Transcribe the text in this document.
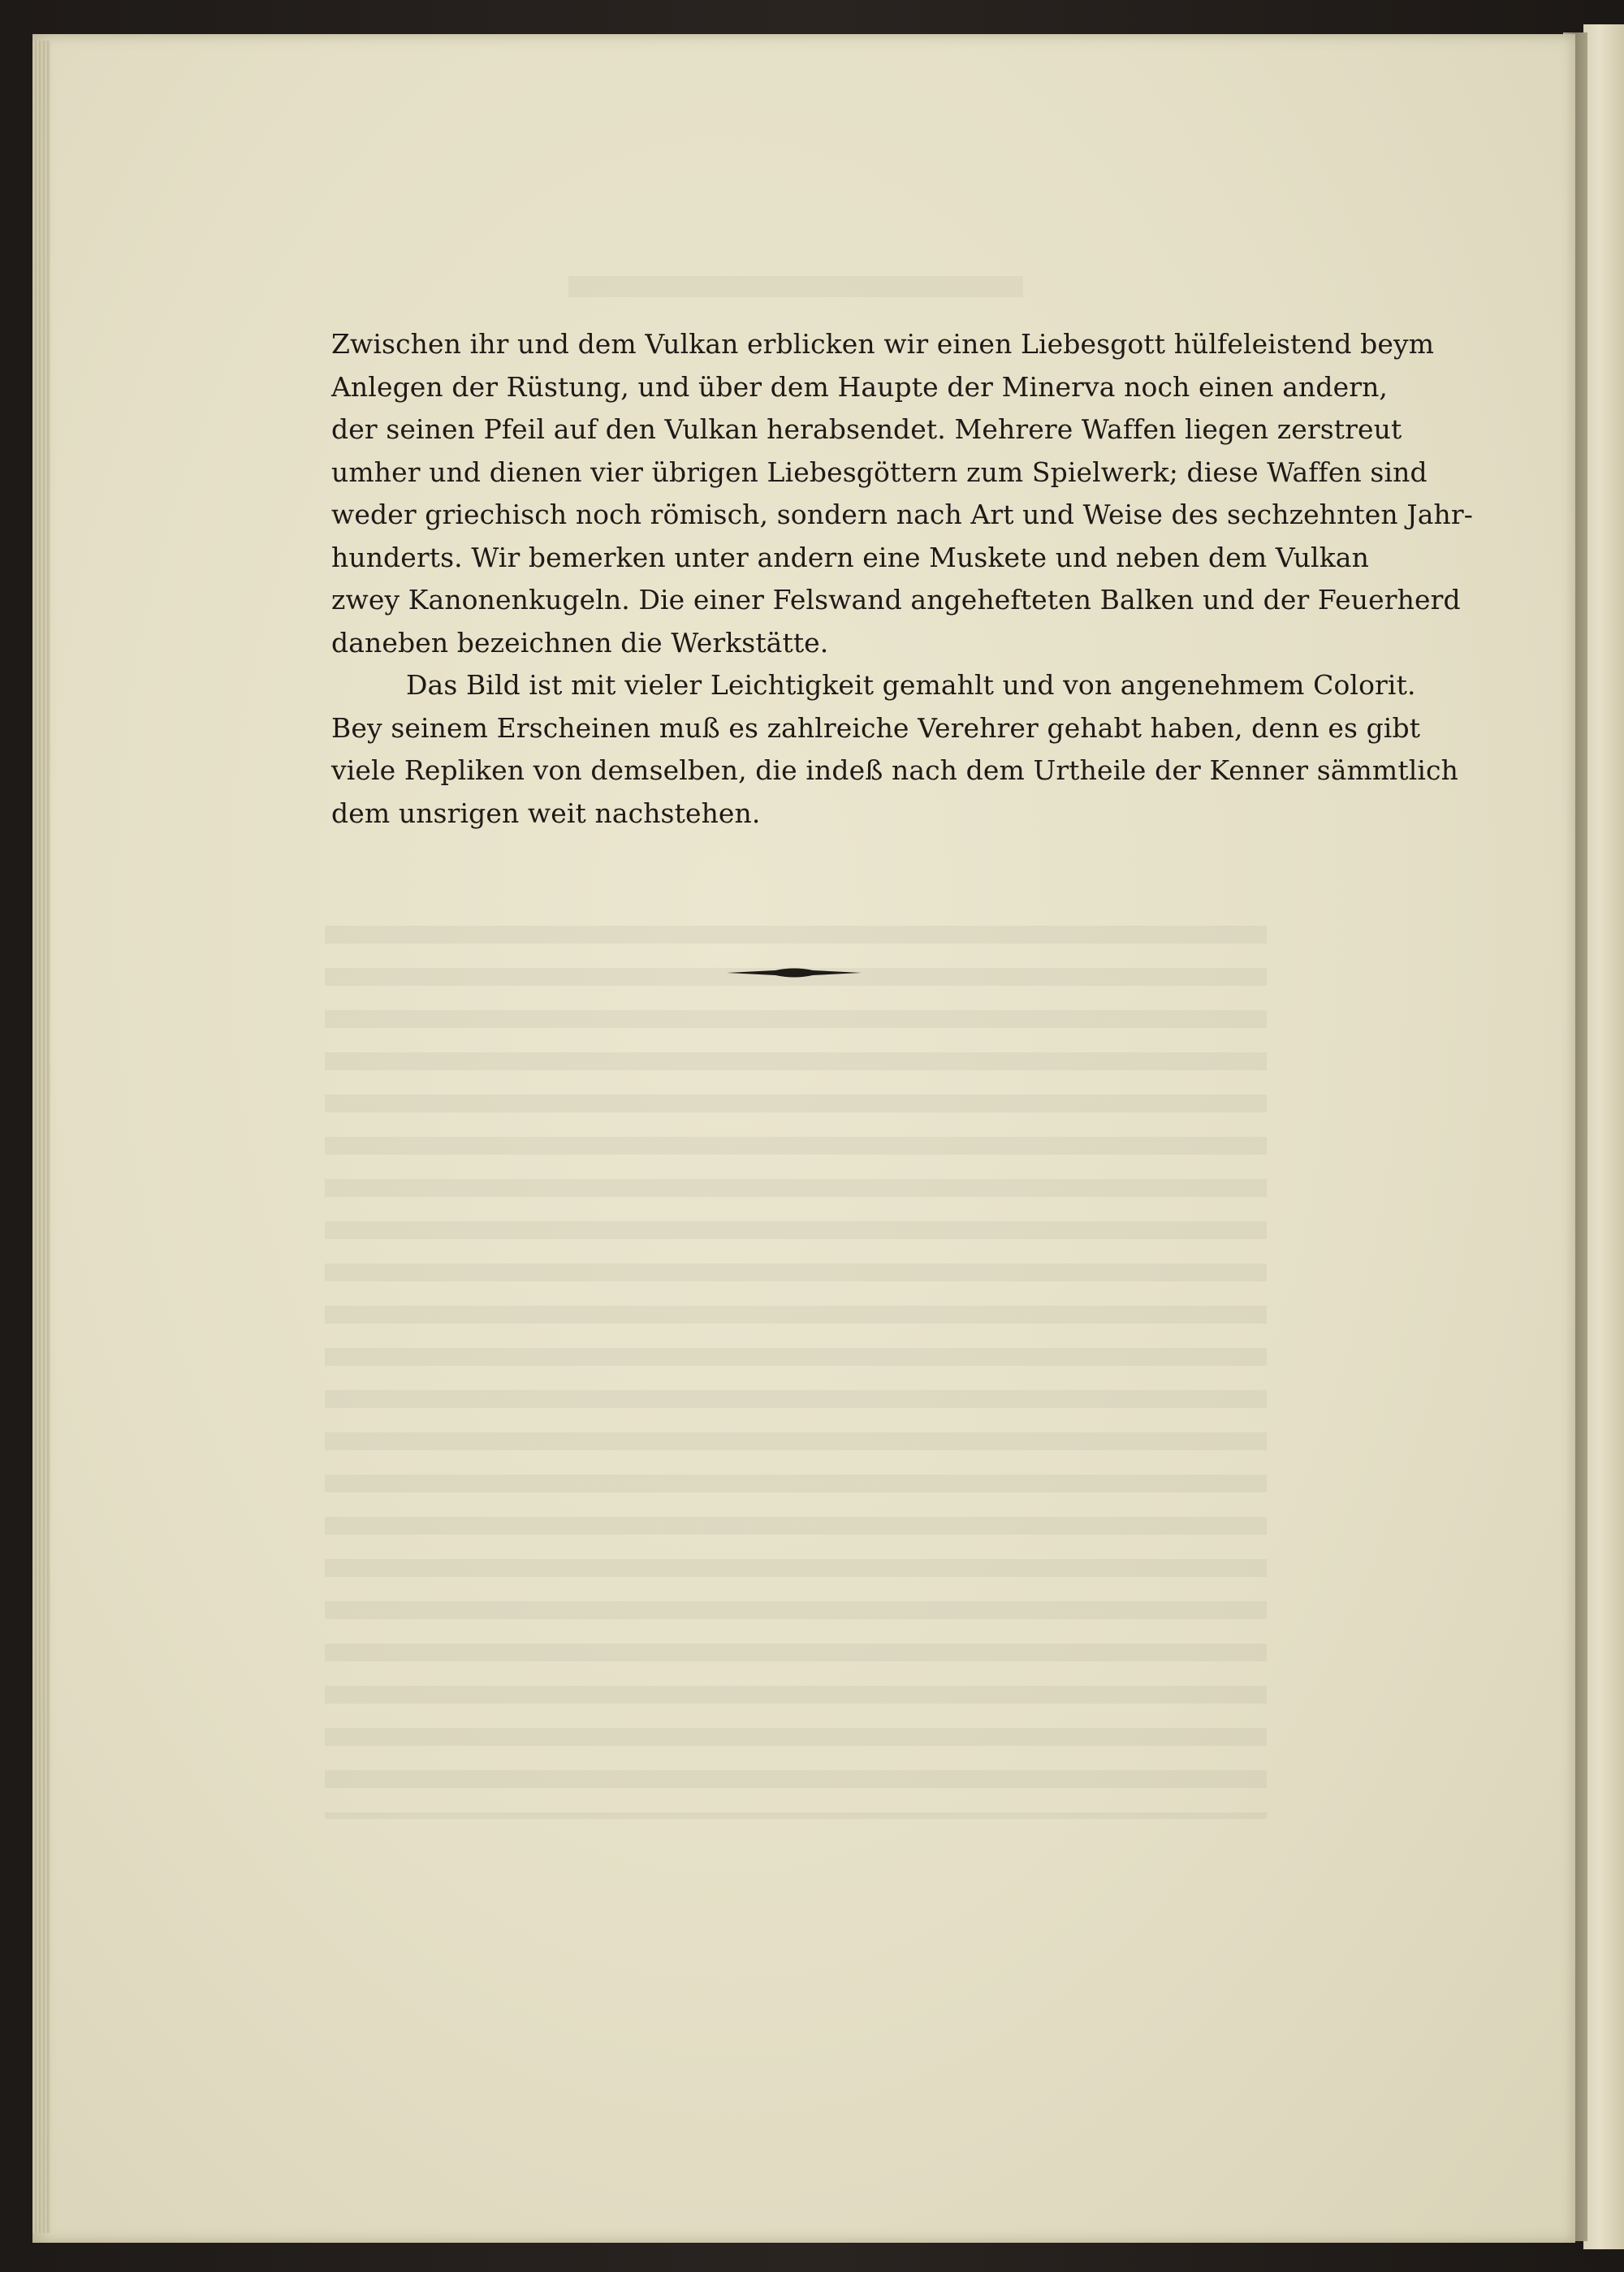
Zwischen ihr und dem Vulkan erblicken wir einen Liebesgott hülfeleistend beym
Anlegen der Rüstung, und über dem Haupte der Minerva noch einen andern,
der seinen Pfeil auf den Vulkan herabsendet. Mehrere Waffen liegen zerstreut
umher und dienen vier übrigen Liebesgöttern zum Spielwerk; diese Waffen sind
weder griechisch noch römisch, sondern nach Art und Weise des sechzehnten Jahr-
hunderts. Wir bemerken unter andern eine Muskete und neben dem Vulkan
zwey Kanonenkugeln. Die einer Felswand angehefteten Balken und der Feuerherd
daneben bezeichnen die Werkstätte.
Das Bild ist mit vieler Leichtigkeit gemahlt und von angenehmem Colorit.
Bey seinem Erscheinen muß es zahlreiche Verehrer gehabt haben, denn es gibt
viele Repliken von demselben, die indeß nach dem Urtheile der Kenner sämmtlich
dem unsrigen weit nachstehen.
